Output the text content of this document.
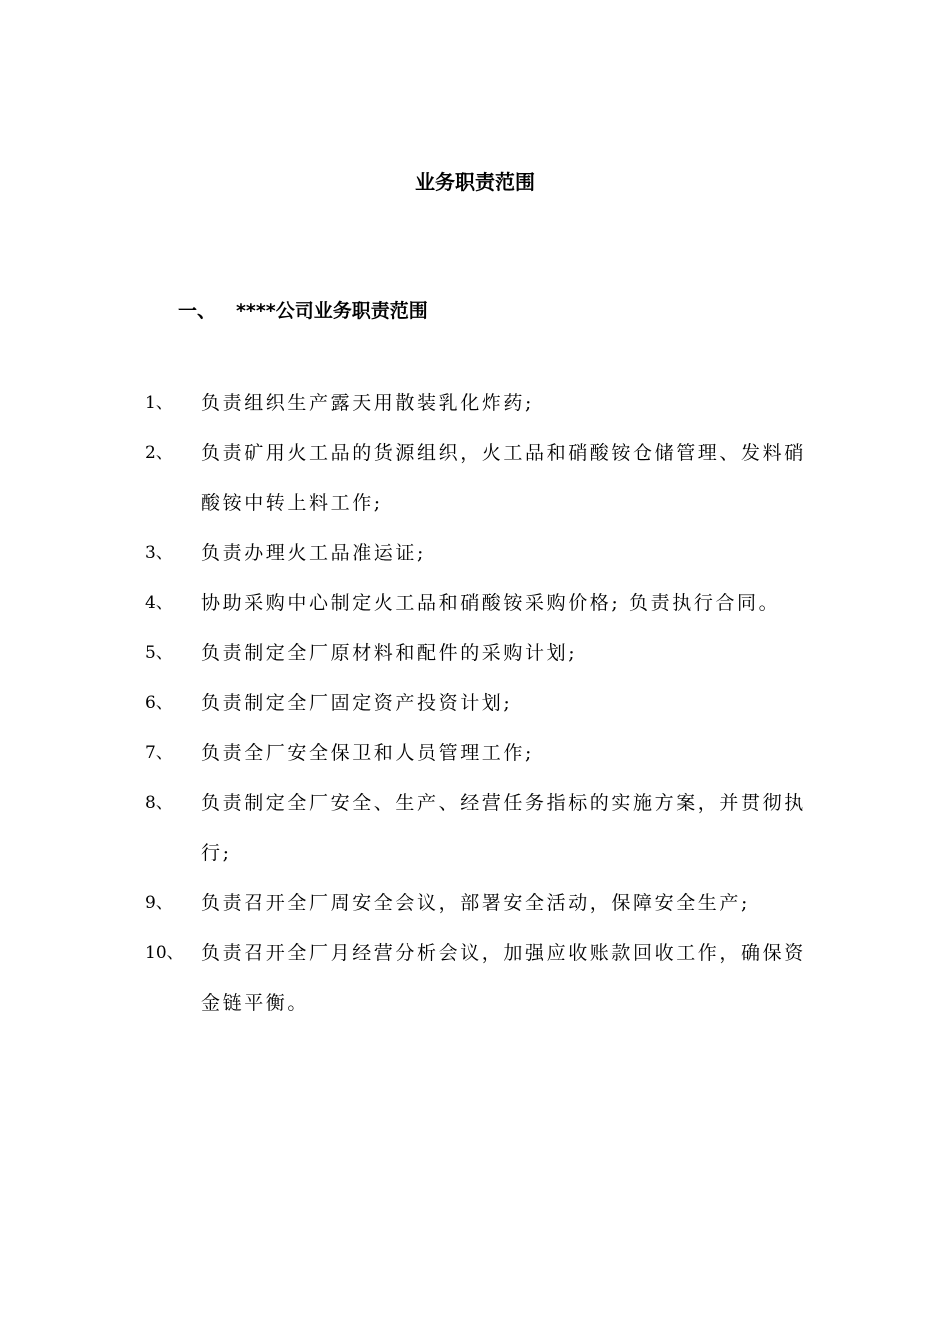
业务职责范围
一、 ****公司业务职责范围
1、	负责组织生产露天用散装乳化炸药;
2、	负责矿用火工品的货源组织，火工品和硝酸铵仓储管理、发料硝酸铵中转上料工作;
3、	负责办理火工品准运证;
4、	协助采购中心制定火工品和硝酸铵采购价格; 负责执行合同。
5、	负责制定全厂原材料和配件的采购计划;
6、	负责制定全厂固定资产投资计划;
7、	负责全厂安全保卫和人员管理工作;
8、	负责制定全厂安全、生产、经营任务指标的实施方案，并贯彻执行;
9、	负责召开全厂周安全会议，部署安全活动，保障安全生产;
10、 负责召开全厂月经营分析会议，加强应收账款回收工作，确保资金链平衡。
